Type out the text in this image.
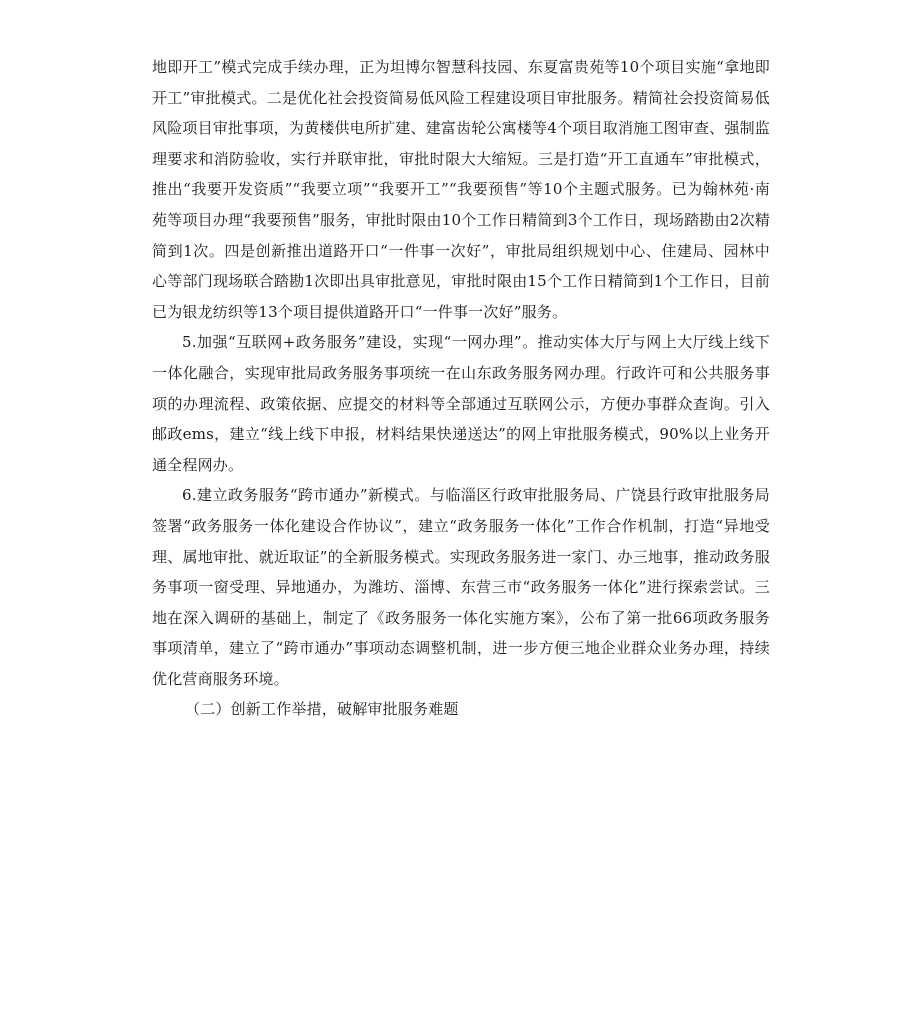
地即开工”模式完成手续办理，正为坦博尔智慧科技园、东夏富贵苑等10个项目实施“拿地即开工”审批模式。二是优化社会投资简易低风险工程建设项目审批服务。精简社会投资简易低风险项目审批事项，为黄楼供电所扩建、建富齿轮公寓楼等4个项目取消施工图审查、强制监理要求和消防验收，实行并联审批，审批时限大大缩短。三是打造“开工直通车”审批模式，推出“我要开发资质”“我要立项”“我要开工”“我要预售”等10个主题式服务。已为翰林苑·南苑等项目办理“我要预售”服务，审批时限由10个工作日精简到3个工作日，现场踏勘由2次精简到1次。四是创新推出道路开口“一件事一次好”，审批局组织规划中心、住建局、园林中心等部门现场联合踏勘1次即出具审批意见，审批时限由15个工作日精简到1个工作日，目前已为银龙纺织等13个项目提供道路开口“一件事一次好”服务。

5.加强“互联网+政务服务”建设，实现“一网办理”。推动实体大厅与网上大厅线上线下一体化融合，实现审批局政务服务事项统一在山东政务服务网办理。行政许可和公共服务事项的办理流程、政策依据、应提交的材料等全部通过互联网公示，方便办事群众查询。引入邮政ems，建立“线上线下申报，材料结果快递送达”的网上审批服务模式，90%以上业务开通全程网办。

6.建立政务服务“跨市通办”新模式。与临淄区行政审批服务局、广饶县行政审批服务局签署“政务服务一体化建设合作协议”，建立“政务服务一体化”工作合作机制，打造“异地受理、属地审批、就近取证”的全新服务模式。实现政务服务进一家门、办三地事，推动政务服务事项一窗受理、异地通办，为潍坊、淄博、东营三市“政务服务一体化”进行探索尝试。三地在深入调研的基础上，制定了《政务服务一体化实施方案》，公布了第一批66项政务服务事项清单，建立了“跨市通办”事项动态调整机制，进一步方便三地企业群众业务办理，持续优化营商服务环境。

（二）创新工作举措，破解审批服务难题
